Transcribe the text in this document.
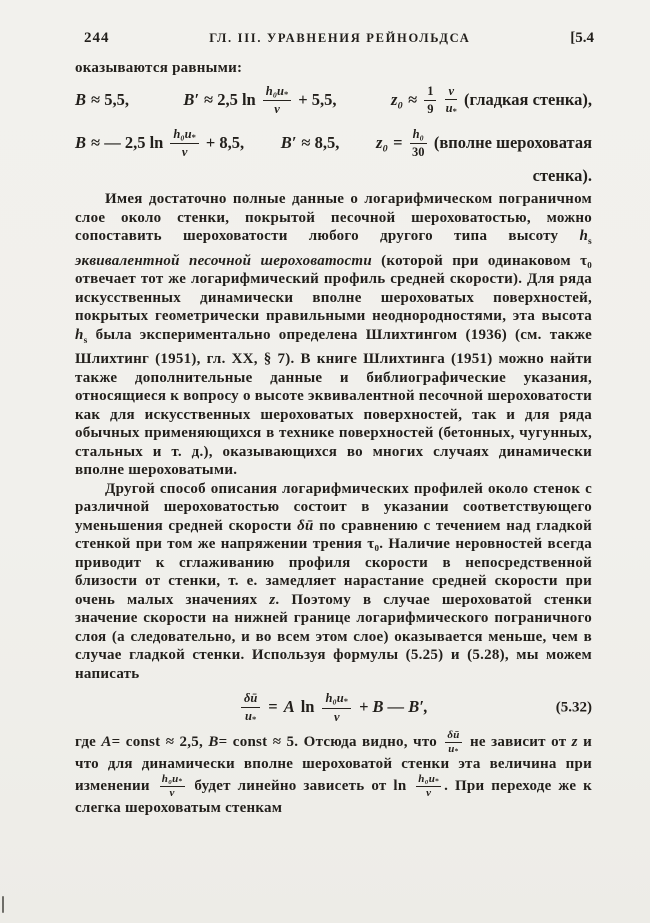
244	ГЛ. III. УРАВНЕНИЯ РЕЙНОЛЬДСА	[5.4

оказываются равными:

B ≈ 5,5,	B′ ≈ 2,5 $\ln \frac{h_0u_*}{\nu} + 5,5$,	$z_0 \approx \frac{1}{9} \frac{\nu}{u_*}$ (гладкая стенка),
B ≈ — 2,5 $\ln \frac{h_0u_*}{\nu} + 8,5$, B′ ≈ 8,5, $z_0 = \frac{\text{h₀}}{30}$ (вполне шероховатая
стенка).

Имея достаточно полные данные о логарифмическом пограничном слое около стенки, покрытой песочной шероховатостью, можно сопоставить шероховатости любого другого типа высоту $h_s$ эквивалентной песочной шероховатости (которой при одинаковом τ₀ отвечает тот же логарифмический профиль средней скорости). Для ряда искусственных динамически вполне шероховатых поверхностей, покрытых геометрически правильными неоднородностями, эта высота $h_s$ была экспериментально определена Шлихтингом (1936) (см. также Шлихтинг (1951), гл. XX, § 7). В книге Шлихтинга (1951) можно найти также дополнительные данные и библиографические указания, относящиеся к вопросу о высоте эквивалентной песочной шероховатости как для искусственных шероховатых поверхностей, так и для ряда обычных применяющихся в технике поверхностей (бетонных, чугунных, стальных и т. д.), оказывающихся во многих случаях динамически вполне шероховатыми.

Другой способ описания логарифмических профилей около стенок с различной шероховатостью состоит в указании соответствующего уменьшения средней скорости δū по сравнению с течением над гладкой стенкой при том же напряжении трения τ₀. Наличие неровностей всегда приводит к сглаживанию профиля скорости в непосредственной близости от стенки, т. е. замедляет нарастание средней скорости при очень малых значениях z. Поэтому в случае шероховатой стенки значение скорости на нижней границе логарифмического пограничного слоя (а следовательно, и во всем этом слое) оказывается меньше, чем в случае гладкой стенки. Используя формулы (5.25) и (5.28), мы можем написать

$\frac{\delta ū}{u_*} = A$ $\ln \frac{h_0u_*}{\nu} + B$ — B′,	(5.32)

где A= const ≈ 2,5, B= const ≈ 5. Отсюда видно, что $\frac{\delta ū}{u_*}$ не зависит от z и что для динамически вполне шероховатой стенки эта величина при изменении $\frac{h_0u_*}{\nu}$ будет линейно зависеть от $\ln \frac{h_0u_*}{\nu}$ . При переходе же к слегка шероховатым стенкам
